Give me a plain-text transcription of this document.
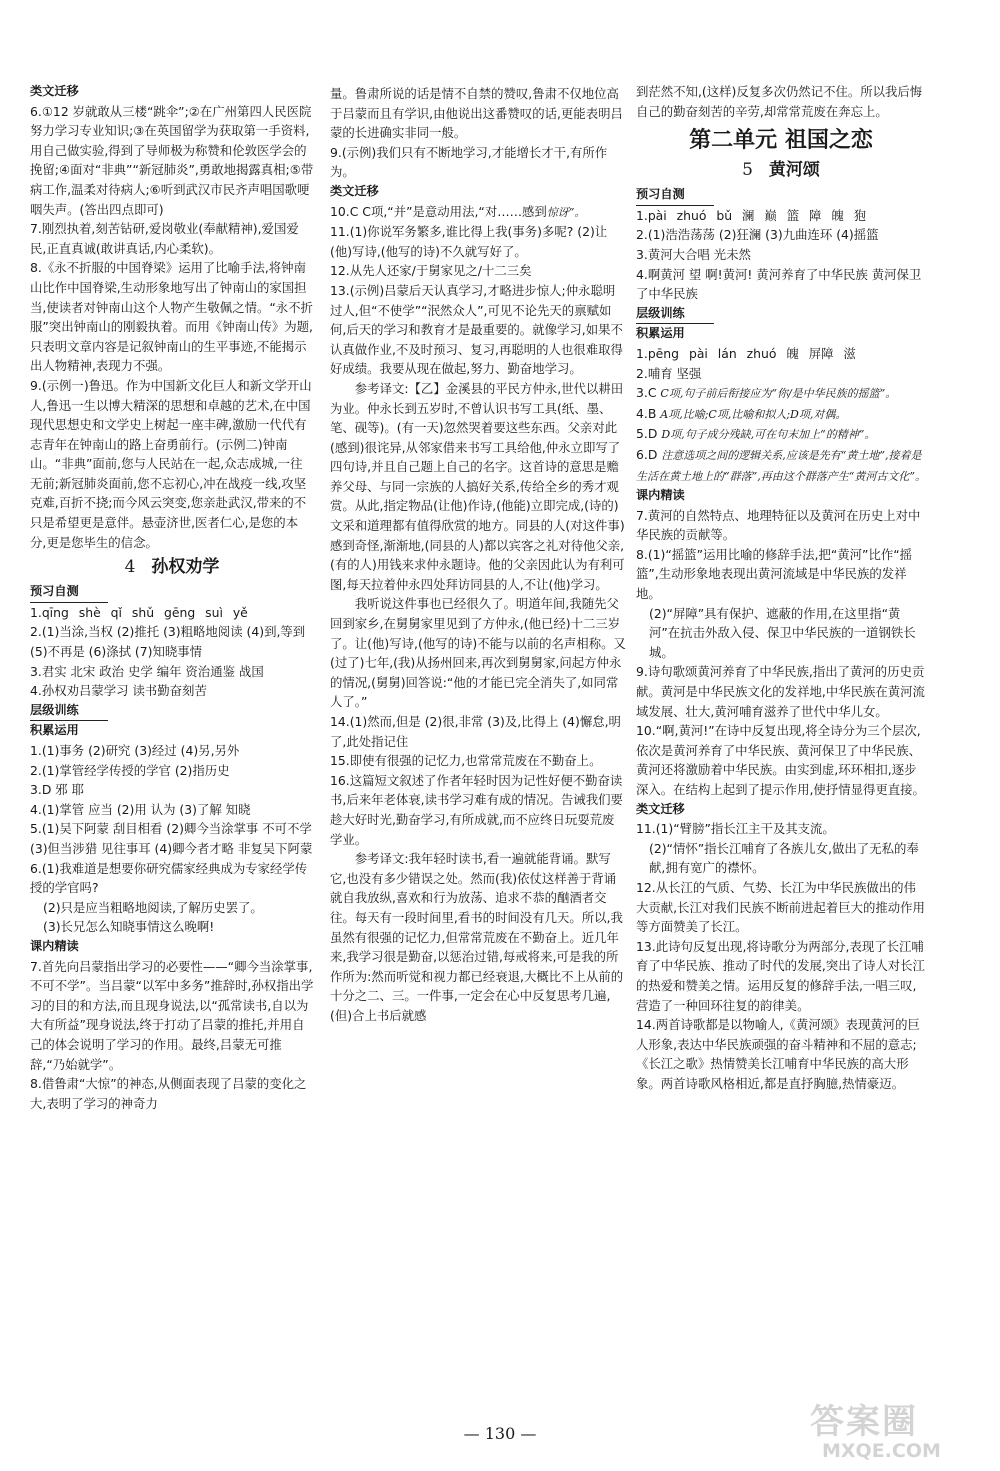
类文迁移
6.①12 岁就敢从三楼“跳伞”;②在广州第四人民医院努力学习专业知识;③在英国留学为获取第一手资料,用自己做实验,得到了导师极为称赞和伦敦医学会的挽留;④面对“非典”“新冠肺炎”,勇敢地揭露真相;⑤带病工作,温柔对待病人;⑥听到武汉市民齐声唱国歌哽咽失声。(答出四点即可)
7.刚烈执着,刻苦钻研,爱岗敬业(奉献精神),爱国爱民,正直真诚(敢讲真话,内心柔软)。
8.《永不折服的中国脊梁》运用了比喻手法,将钟南山比作中国脊梁,生动形象地写出了钟南山的家国担当,使读者对钟南山这个人物产生敬佩之情。“永不折服”突出钟南山的刚毅执着。而用《钟南山传》为题,只表明文章内容是记叙钟南山的生平事迹,不能揭示出人物精神,表现力不强。
9.(示例一)鲁迅。作为中国新文化巨人和新文学开山人,鲁迅一生以博大精深的思想和卓越的艺术,在中国现代思想史和文学史上树起一座丰碑,激励一代代有志青年在钟南山的路上奋勇前行。(示例二)钟南山。“非典”面前,您与人民站在一起,众志成城,一往无前;新冠肺炎面前,您不忘初心,冲在战疫一线,攻坚克难,百折不挠;而今风云突变,您亲赴武汉,带来的不只是希望更是意伴。悬壶济世,医者仁心,是您的本分,更是您毕生的信念。
4 孙权劝学
预习自测
1.qīng shè qǐ shǔ gēng suì yě
2.(1)当涂,当权 (2)推托 (3)粗略地阅读 (4)到,等到 (5)不再是 (6)涤拭 (7)知晓事情
3.君实 北宋 政治 史学 编年 资治通鉴 战国
4.孙权劝吕蒙学习 读书勤奋刻苦
层级训练
积累运用
1.(1)事务 (2)研究 (3)经过 (4)另,另外
2.(1)掌管经学传授的学官 (2)指历史
3.D 邪 耶
4.(1)掌管 应当 (2)用 认为 (3)了解 知晓
5.(1)吴下阿蒙 刮目相看 (2)卿今当涂掌事 不可不学 (3)但当涉猎 见往事耳 (4)卿今者才略 非复吴下阿蒙
6.(1)我难道是想要你研究儒家经典成为专家经学传授的学官吗?
(2)只是应当粗略地阅读,了解历史罢了。
(3)长兄怎么知晓事情这么晚啊!
课内精读
7.首先向吕蒙指出学习的必要性——“卿今当涂掌事,不可不学”。当吕蒙“以军中多务”推辞时,孙权指出学习的目的和方法,而且现身说法,以“孤常读书,自以为大有所益”现身说法,终于打动了吕蒙的推托,并用自己的体会说明了学习的作用。最终,吕蒙无可推辞,“乃始就学”。
8.借鲁肃“大惊”的神态,从侧面表现了吕蒙的变化之大,表明了学习的神奇力
量。鲁肃所说的话是情不自禁的赞叹,鲁肃不仅地位高于吕蒙而且有学识,由他说出这番赞叹的话,更能表明吕蒙的长进确实非同一般。
9.(示例)我们只有不断地学习,才能增长才干,有所作为。
类文迁移
10.C C项,“并”是意动用法,“对……感到惊讶”。
11.(1)你说军务繁多,谁比得上我(事务)多呢? (2)让(他)写诗,(他写的诗)不久就写好了。
12.从先人还家/于舅家见之/十二三矣
13.(示例)吕蒙后天认真学习,才略进步惊人;仲永聪明过人,但“不使学”“泯然众人”,可见不论先天的禀赋如何,后天的学习和教育才是最重要的。就像学习,如果不认真做作业,不及时预习、复习,再聪明的人也很难取得好成绩。我要从现在做起,努力、勤奋地学习。
参考译文:【乙】金溪县的平民方仲永,世代以耕田为业。仲永长到五岁时,不曾认识书写工具(纸、墨、笔、砚等)。(有一天)忽然哭着要这些东西。父亲对此(感到)很诧异,从邻家借来书写工具给他,仲永立即写了四句诗,并且自己题上自己的名字。这首诗的意思是赡养父母、与同一宗族的人搞好关系,传给全乡的秀才观赏。从此,指定物品(让他)作诗,(他能)立即完成,(诗的)文采和道理都有值得欣赏的地方。同县的人(对这件事)感到奇怪,渐渐地,(同县的人)都以宾客之礼对待他父亲,(有的人)用钱来求仲永题诗。他的父亲因此认为有利可图,每天拉着仲永四处拜访同县的人,不让(他)学习。
我听说这件事也已经很久了。明道年间,我随先父回到家乡,在舅舅家里见到了方仲永,(他已经)十二三岁了。让(他)写诗,(他写的诗)不能与以前的名声相称。又(过了)七年,(我)从扬州回来,再次到舅舅家,问起方仲永的情况,(舅舅)回答说:“他的才能已完全消失了,如同常人了。”
14.(1)然而,但是 (2)很,非常 (3)及,比得上 (4)懈怠,明了,此处指记住
15.即使有很强的记忆力,也常常荒废在不勤奋上。
16.这篇短文叙述了作者年轻时因为记性好便不勤奋读书,后来年老体衰,读书学习难有成的情况。告诫我们要趁大好时光,勤奋学习,有所成就,而不应终日玩耍荒废学业。
参考译文:我年轻时读书,看一遍就能背诵。默写它,也没有多少错误之处。然而(我)依仗这样善于背诵就自我放纵,喜欢和行为放荡、追求不恭的酗酒者交往。每天有一段时间里,看书的时间没有几天。所以,我虽然有很强的记忆力,但常常荒废在不勤奋上。近几年来,我学习很是勤奋,以惩治过错,每戒将来,可是我的所作所为:然而听觉和视力都已经衰退,大概比不上从前的十分之二、三。一件事,一定会在心中反复思考几遍,(但)合上书后就感
到茫然不知,(这样)反复多次仍然记不住。所以我后悔自己的勤奋刻苦的辛劳,却常常荒废在奔忘上。
第二单元 祖国之恋
5 黄河颂
预习自测
1.pài zhuó bǔ 澜 巅 篮 障 魄 狍
2.(1)浩浩荡荡 (2)狂澜 (3)九曲连环 (4)摇篮
3.黄河大合唱 光未然
4.啊黄河 望 啊!黄河! 黄河养育了中华民族 黄河保卫了中华民族
层级训练
积累运用
1.pēng pài lán zhuó 魄 屏障 滋
2.哺育 坚强
3.C C项,句子前后衔接应为“你/是中华民族的摇篮”。
4.B A项,比喻;C项,比喻和拟人;D项,对偶。
5.D D项,句子成分残缺,可在句末加上“的精神”。
6.D 注意选项之间的逻辑关系,应该是先有“黄土地”,接着是生活在黄土地上的“群落”,再由这个群落产生“黄河古文化”。
课内精读
7.黄河的自然特点、地理特征以及黄河在历史上对中华民族的贡献等。
8.(1)“摇篮”运用比喻的修辞手法,把“黄河”比作“摇篮”,生动形象地表现出黄河流域是中华民族的发祥地。
(2)“屏障”具有保护、遮蔽的作用,在这里指“黄河”在抗击外敌入侵、保卫中华民族的一道钢铁长城。
9.诗句歌颂黄河养育了中华民族,指出了黄河的历史贡献。黄河是中华民族文化的发祥地,中华民族在黄河流域发展、壮大,黄河哺育滋养了世代中华儿女。
10.“啊,黄河!”在诗中反复出现,将全诗分为三个层次,依次是黄河养育了中华民族、黄河保卫了中华民族、黄河还将激励着中华民族。由实到虚,环环相扣,逐步深入。在结构上起到了提示作用,使抒情显得更直接。
类文迁移
11.(1)“臂膀”指长江主干及其支流。
(2)“情怀”指长江哺育了各族儿女,做出了无私的奉献,拥有宽广的襟怀。
12.从长江的气质、气势、长江为中华民族做出的伟大贡献,长江对我们民族不断前进起着巨大的推动作用等方面赞美了长江。
13.此诗句反复出现,将诗歌分为两部分,表现了长江哺育了中华民族、推动了时代的发展,突出了诗人对长江的热爱和赞美之情。运用反复的修辞手法,一唱三叹,营造了一种回环往复的韵律美。
14.两首诗歌都是以物喻人,《黄河颂》表现黄河的巨人形象,表达中华民族顽强的奋斗精神和不屈的意志;《长江之歌》热情赞美长江哺育中华民族的高大形象。两首诗歌风格相近,都是直抒胸臆,热情豪迈。
— 130 —	答案圈
MXQE.COM
